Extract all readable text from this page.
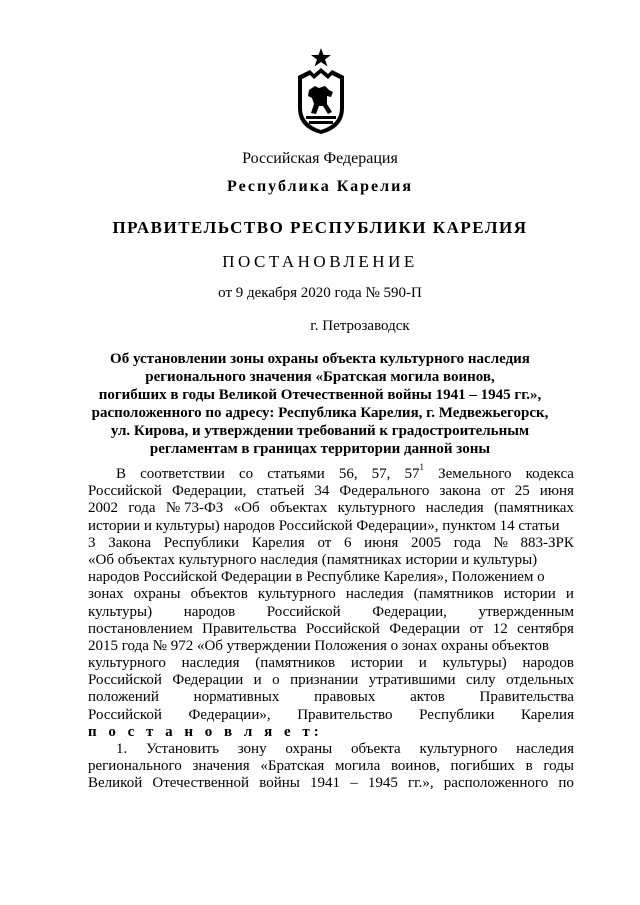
Российская Федерация
Республика Карелия
ПРАВИТЕЛЬСТВО РЕСПУБЛИКИ КАРЕЛИЯ
ПОСТАНОВЛЕНИЕ
от 9 декабря 2020 года № 590-П
г. Петрозаводск
Об установлении зоны охраны объекта культурного наследия
регионального значения «Братская могила воинов,
погибших в годы Великой Отечественной войны 1941 – 1945 гг.»,
расположенного по адресу: Республика Карелия, г. Медвежьегорск,
ул. Кирова, и утверждении требований к градостроительным
регламентам в границах территории данной зоны
В соответствии со статьями 56, 57, $57^1$ Земельного кодекса
Российской Федерации, статьей 34 Федерального закона от 25 июня
2002 года № 73-ФЗ «Об объектах культурного наследия (памятниках
истории и культуры) народов Российской Федерации», пунктом 14 статьи
3 Закона Республики Карелия от 6 июня 2005 года № 883-ЗРК
«Об объектах культурного наследия (памятниках истории и культуры)
народов Российской Федерации в Республике Карелия», Положением о
зонах охраны объектов культурного наследия (памятников истории и
культуры) народов Российской Федерации, утвержденным
постановлением Правительства Российской Федерации от 12 сентября
2015 года № 972 «Об утверждении Положения о зонах охраны объектов
культурного наследия (памятников истории и культуры) народов
Российской Федерации и о признании утратившими силу отдельных
положений нормативных правовых актов Правительства
Российской Федерации», Правительство Республики Карелия
п о с т а н о в л я е т:
1. Установить зону охраны объекта культурного наследия
регионального значения «Братская могила воинов, погибших в годы
Великой Отечественной войны 1941 – 1945 гг.», расположенного по
